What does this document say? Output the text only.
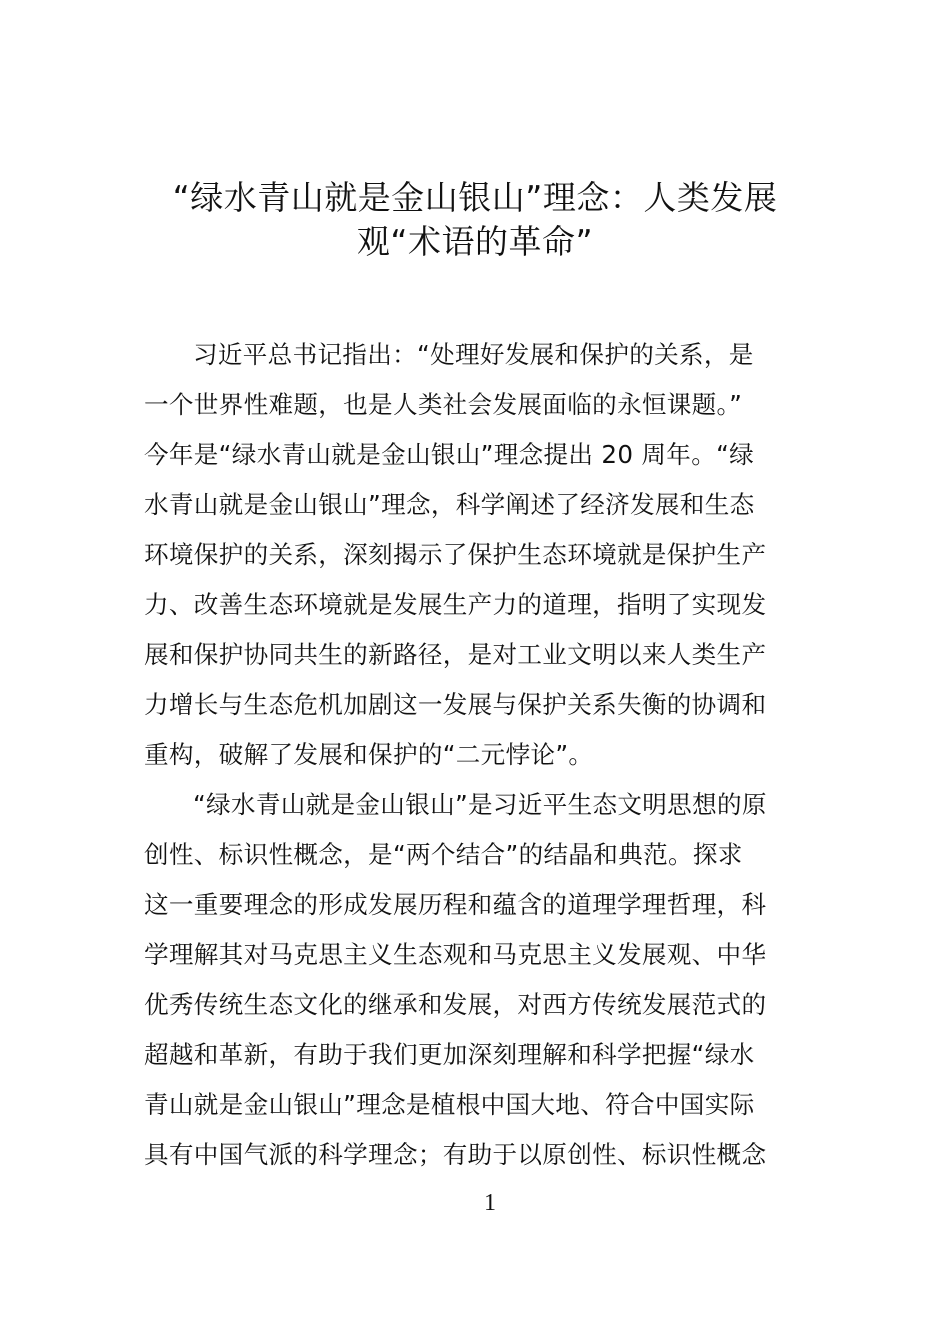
“绿水青山就是金山银山”理念：人类发展
观“术语的革命”
习近平总书记指出：“处理好发展和保护的关系，是
一个世界性难题，也是人类社会发展面临的永恒课题。”
今年是“绿水青山就是金山银山”理念提出 20 周年。“绿
水青山就是金山银山”理念，科学阐述了经济发展和生态
环境保护的关系，深刻揭示了保护生态环境就是保护生产
力、改善生态环境就是发展生产力的道理，指明了实现发
展和保护协同共生的新路径，是对工业文明以来人类生产
力增长与生态危机加剧这一发展与保护关系失衡的协调和
重构，破解了发展和保护的“二元悖论”。
“绿水青山就是金山银山”是习近平生态文明思想的原
创性、标识性概念，是“两个结合”的结晶和典范。探求
这一重要理念的形成发展历程和蕴含的道理学理哲理，科
学理解其对马克思主义生态观和马克思主义发展观、中华
优秀传统生态文化的继承和发展，对西方传统发展范式的
超越和革新，有助于我们更加深刻理解和科学把握“绿水
青山就是金山银山”理念是植根中国大地、符合中国实际
具有中国气派的科学理念；有助于以原创性、标识性概念
1
